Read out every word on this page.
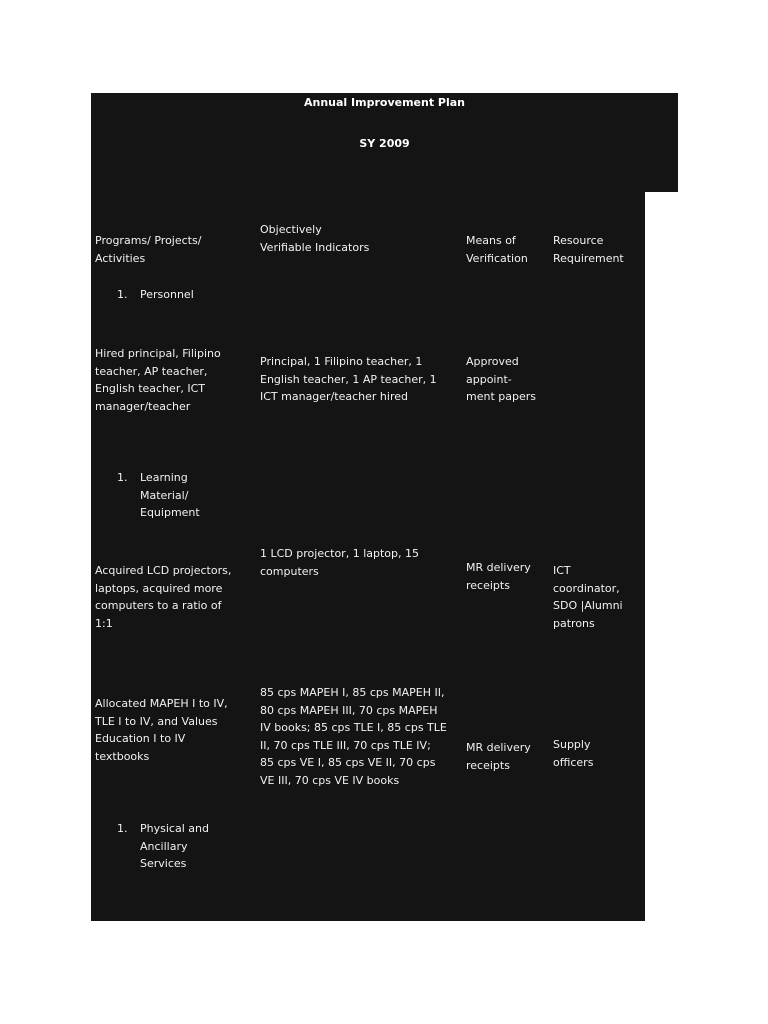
Annual Improvement Plan
SY 2009
Programs/ Projects/
Activities
Objectively
Verifiable Indicators	Means of
Verification
Resource
Requirement
1. Personnel
Hired principal, Filipino
teacher, AP teacher,
English teacher, ICT
manager/teacher
Principal, 1 Filipino teacher, 1
English teacher, 1 AP teacher, 1
ICT manager/teacher hired
Approved
appoint-
ment papers
1. Learning
Material/
Equipment
Acquired LCD projectors,
laptops, acquired more
computers to a ratio of
1:1
1 LCD projector, 1 laptop, 15
computers	MR delivery
receipts
ICT
coordinator,
SDO |Alumni
patrons
Allocated MAPEH I to IV,
TLE I to IV, and Values
Education I to IV
textbooks
85 cps MAPEH I, 85 cps MAPEH II,
80 cps MAPEH III, 70 cps MAPEH
IV books; 85 cps TLE I, 85 cps TLE
II, 70 cps TLE III, 70 cps TLE IV;
85 cps VE I, 85 cps VE II, 70 cps
VE III, 70 cps VE IV books
MR delivery
receipts
Supply
officers
1. Physical and
Ancillary
Services
